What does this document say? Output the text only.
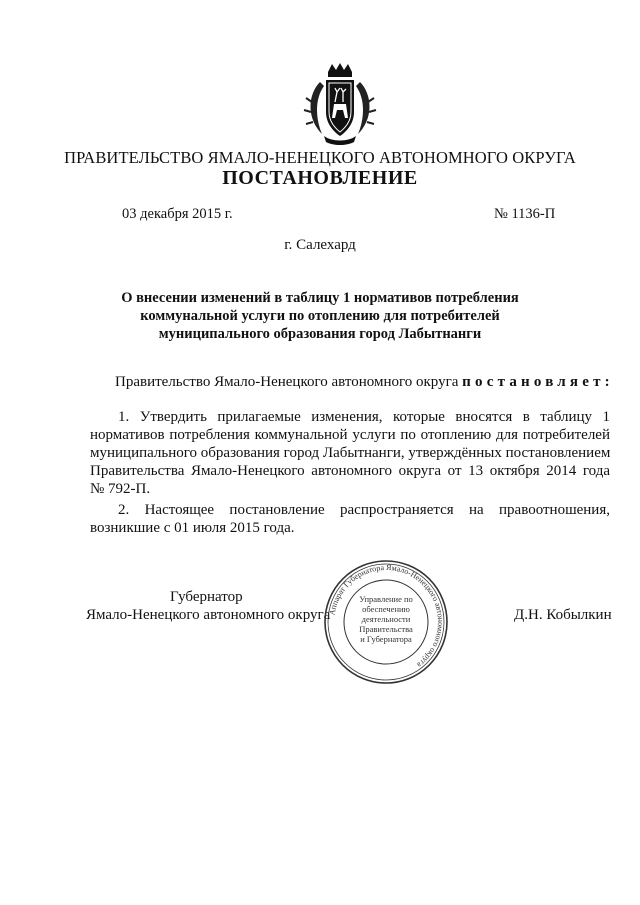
ПРАВИТЕЛЬСТВО ЯМАЛО-НЕНЕЦКОГО АВТОНОМНОГО ОКРУГА
ПОСТАНОВЛЕНИЕ
03 декабря 2015 г.	№ 1136-П
г. Салехард
О внесении изменений в таблицу 1 нормативов потребления
коммунальной услуги по отоплению для потребителей
муниципального образования город Лабытнанги
Правительство Ямало-Ненецкого автономного округа постановляет:
1. Утвердить прилагаемые изменения, которые вносятся в таблицу 1
нормативов потребления коммунальной услуги по отоплению для потребителей
муниципального образования город Лабытнанги, утверждённых постановлением
Правительства Ямало-Ненецкого автономного округа от 13 октября 2014 года
№ 792-П.
2. Настоящее постановление распространяется на правоотношения,
возникшие с 01 июля 2015 года.
Губернатор
Ямало-Ненецкого автономного округа	Д.Н. Кобылкин
Аппарат Губернатора Ямало-Ненецкого автономного округа
Управление по
обеспечению
деятельности
Правительства
и Губернатора
